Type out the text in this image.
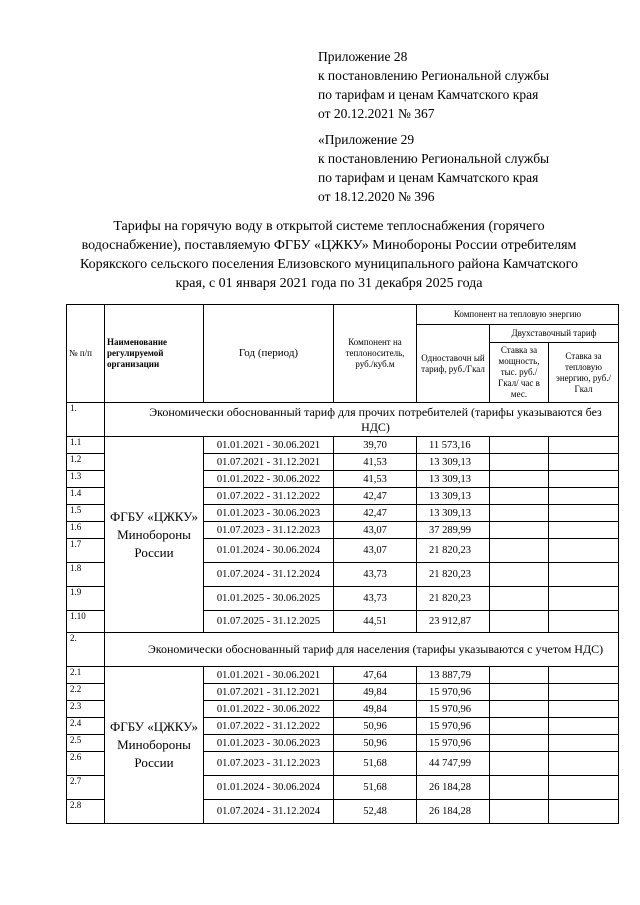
Приложение 28
к постановлению Региональной службы
по тарифам и ценам Камчатского края
от 20.12.2021 № 367
«Приложение 29
к постановлению Региональной службы
по тарифам и ценам Камчатского края
от 18.12.2020 № 396
Тарифы на горячую воду в открытой системе теплоснабжения (горячего водоснабжение), поставляемую ФГБУ «ЦЖКУ» Минобороны России отребителям Корякского сельского поселения Елизовского муниципального района Камчатского края, с 01 января 2021 года по 31 декабря 2025 года
№ п/п	Наименование регулируемой организации	Год (период)	Компонент на теплоноситель, руб./куб.м	Компонент на тепловую энергию		
				Одноставочн ый тариф, руб./Гкал	Двухставочный тариф	
					Ставка за мощность, тыс. руб./Гкал/ час в мес.	Ставка за тепловую энергию, руб./Гкал
1.	Экономически обоснованный тариф для прочих потребителей (тарифы указываются без НДС)					
1.1	ФГБУ «ЦЖКУ» Минобороны России	01.01.2021 - 30.06.2021	39,70	11 573,16		
1.2		01.07.2021 - 31.12.2021	41,53	13 309,13		
1.3		01.01.2022 - 30.06.2022	41,53	13 309,13		
1.4		01.07.2022 - 31.12.2022	42,47	13 309,13		
1.5		01.01.2023 - 30.06.2023	42,47	13 309,13		
1.6		01.07.2023 - 31.12.2023	43,07	37 289,99		
1.7		01.01.2024 - 30.06.2024	43,07	21 820,23		
1.8		01.07.2024 - 31.12.2024	43,73	21 820,23		
1.9		01.01.2025 - 30.06.2025	43,73	21 820,23		
1.10		01.07.2025 - 31.12.2025	44,51	23 912,87		
2.	Экономически обоснованный тариф для населения (тарифы указываются с учетом НДС)					
2.1	ФГБУ «ЦЖКУ» Минобороны России	01.01.2021 - 30.06.2021	47,64	13 887,79		
2.2		01.07.2021 - 31.12.2021	49,84	15 970,96		
2.3		01.01.2022 - 30.06.2022	49,84	15 970,96		
2.4		01.07.2022 - 31.12.2022	50,96	15 970,96		
2.5		01.01.2023 - 30.06.2023	50,96	15 970,96		
2.6		01.07.2023 - 31.12.2023	51,68	44 747,99		
2.7		01.01.2024 - 30.06.2024	51,68	26 184,28		
2.8		01.07.2024 - 31.12.2024	52,48	26 184,28		
